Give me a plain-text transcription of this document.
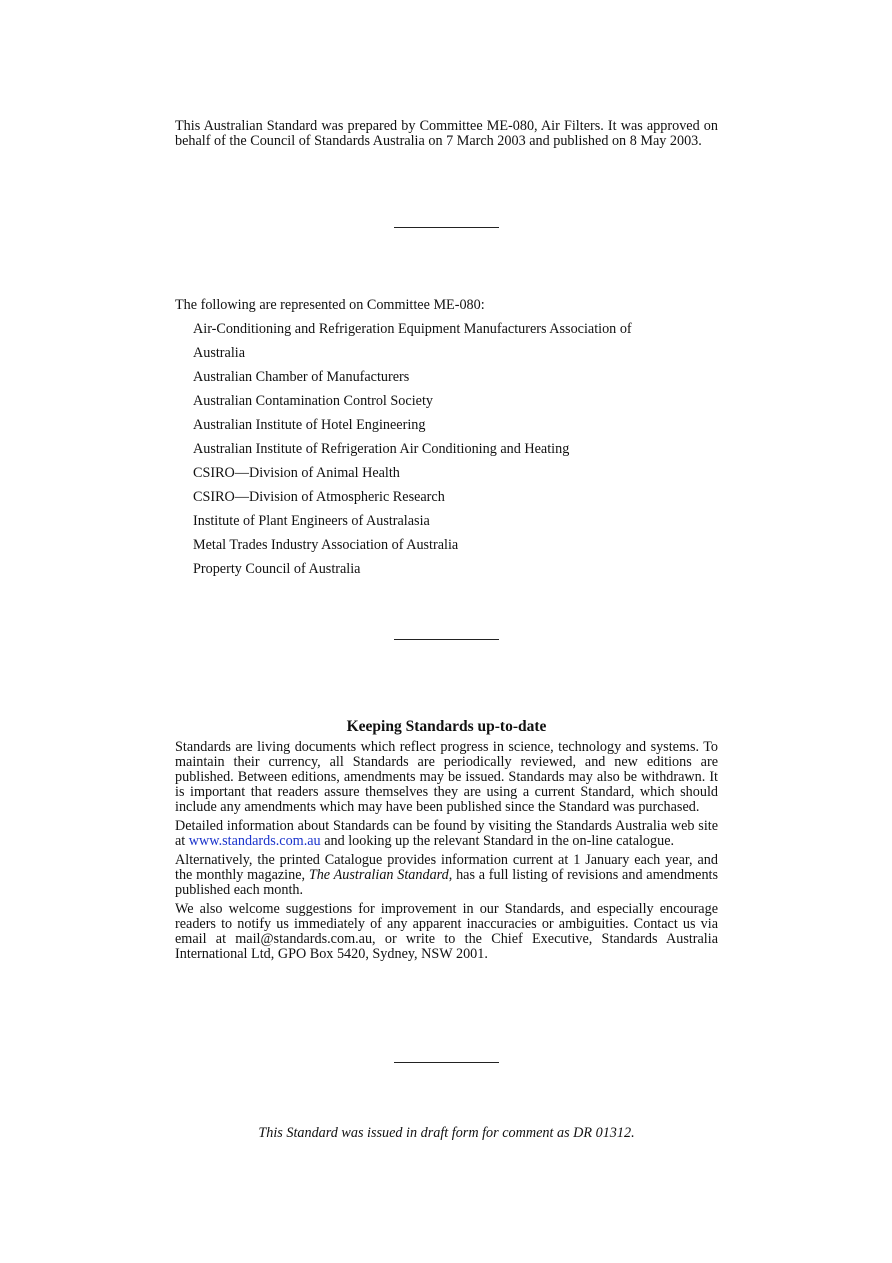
This Australian Standard was prepared by Committee ME-080, Air Filters. It was approved on behalf of the Council of Standards Australia on 7 March 2003 and published on 8 May 2003.
The following are represented on Committee ME-080:
Air-Conditioning and Refrigeration Equipment Manufacturers Association of
Australia
Australian Chamber of Manufacturers
Australian Contamination Control Society
Australian Institute of Hotel Engineering
Australian Institute of Refrigeration Air Conditioning and Heating
CSIRO—Division of Animal Health
CSIRO—Division of Atmospheric Research
Institute of Plant Engineers of Australasia
Metal Trades Industry Association of Australia
Property Council of Australia
Keeping Standards up-to-date

Standards are living documents which reflect progress in science, technology and systems. To maintain their currency, all Standards are periodically reviewed, and new editions are published. Between editions, amendments may be issued. Standards may also be withdrawn. It is important that readers assure themselves they are using a current Standard, which should include any amendments which may have been published since the Standard was purchased.

Detailed information about Standards can be found by visiting the Standards Australia web site at www.standards.com.au and looking up the relevant Standard in the on-line catalogue.

Alternatively, the printed Catalogue provides information current at 1 January each year, and the monthly magazine, The Australian Standard, has a full listing of revisions and amendments published each month.

We also welcome suggestions for improvement in our Standards, and especially encourage readers to notify us immediately of any apparent inaccuracies or ambiguities. Contact us via email at mail@standards.com.au, or write to the Chief Executive, Standards Australia International Ltd, GPO Box 5420, Sydney, NSW 2001.

This Standard was issued in draft form for comment as DR 01312.
